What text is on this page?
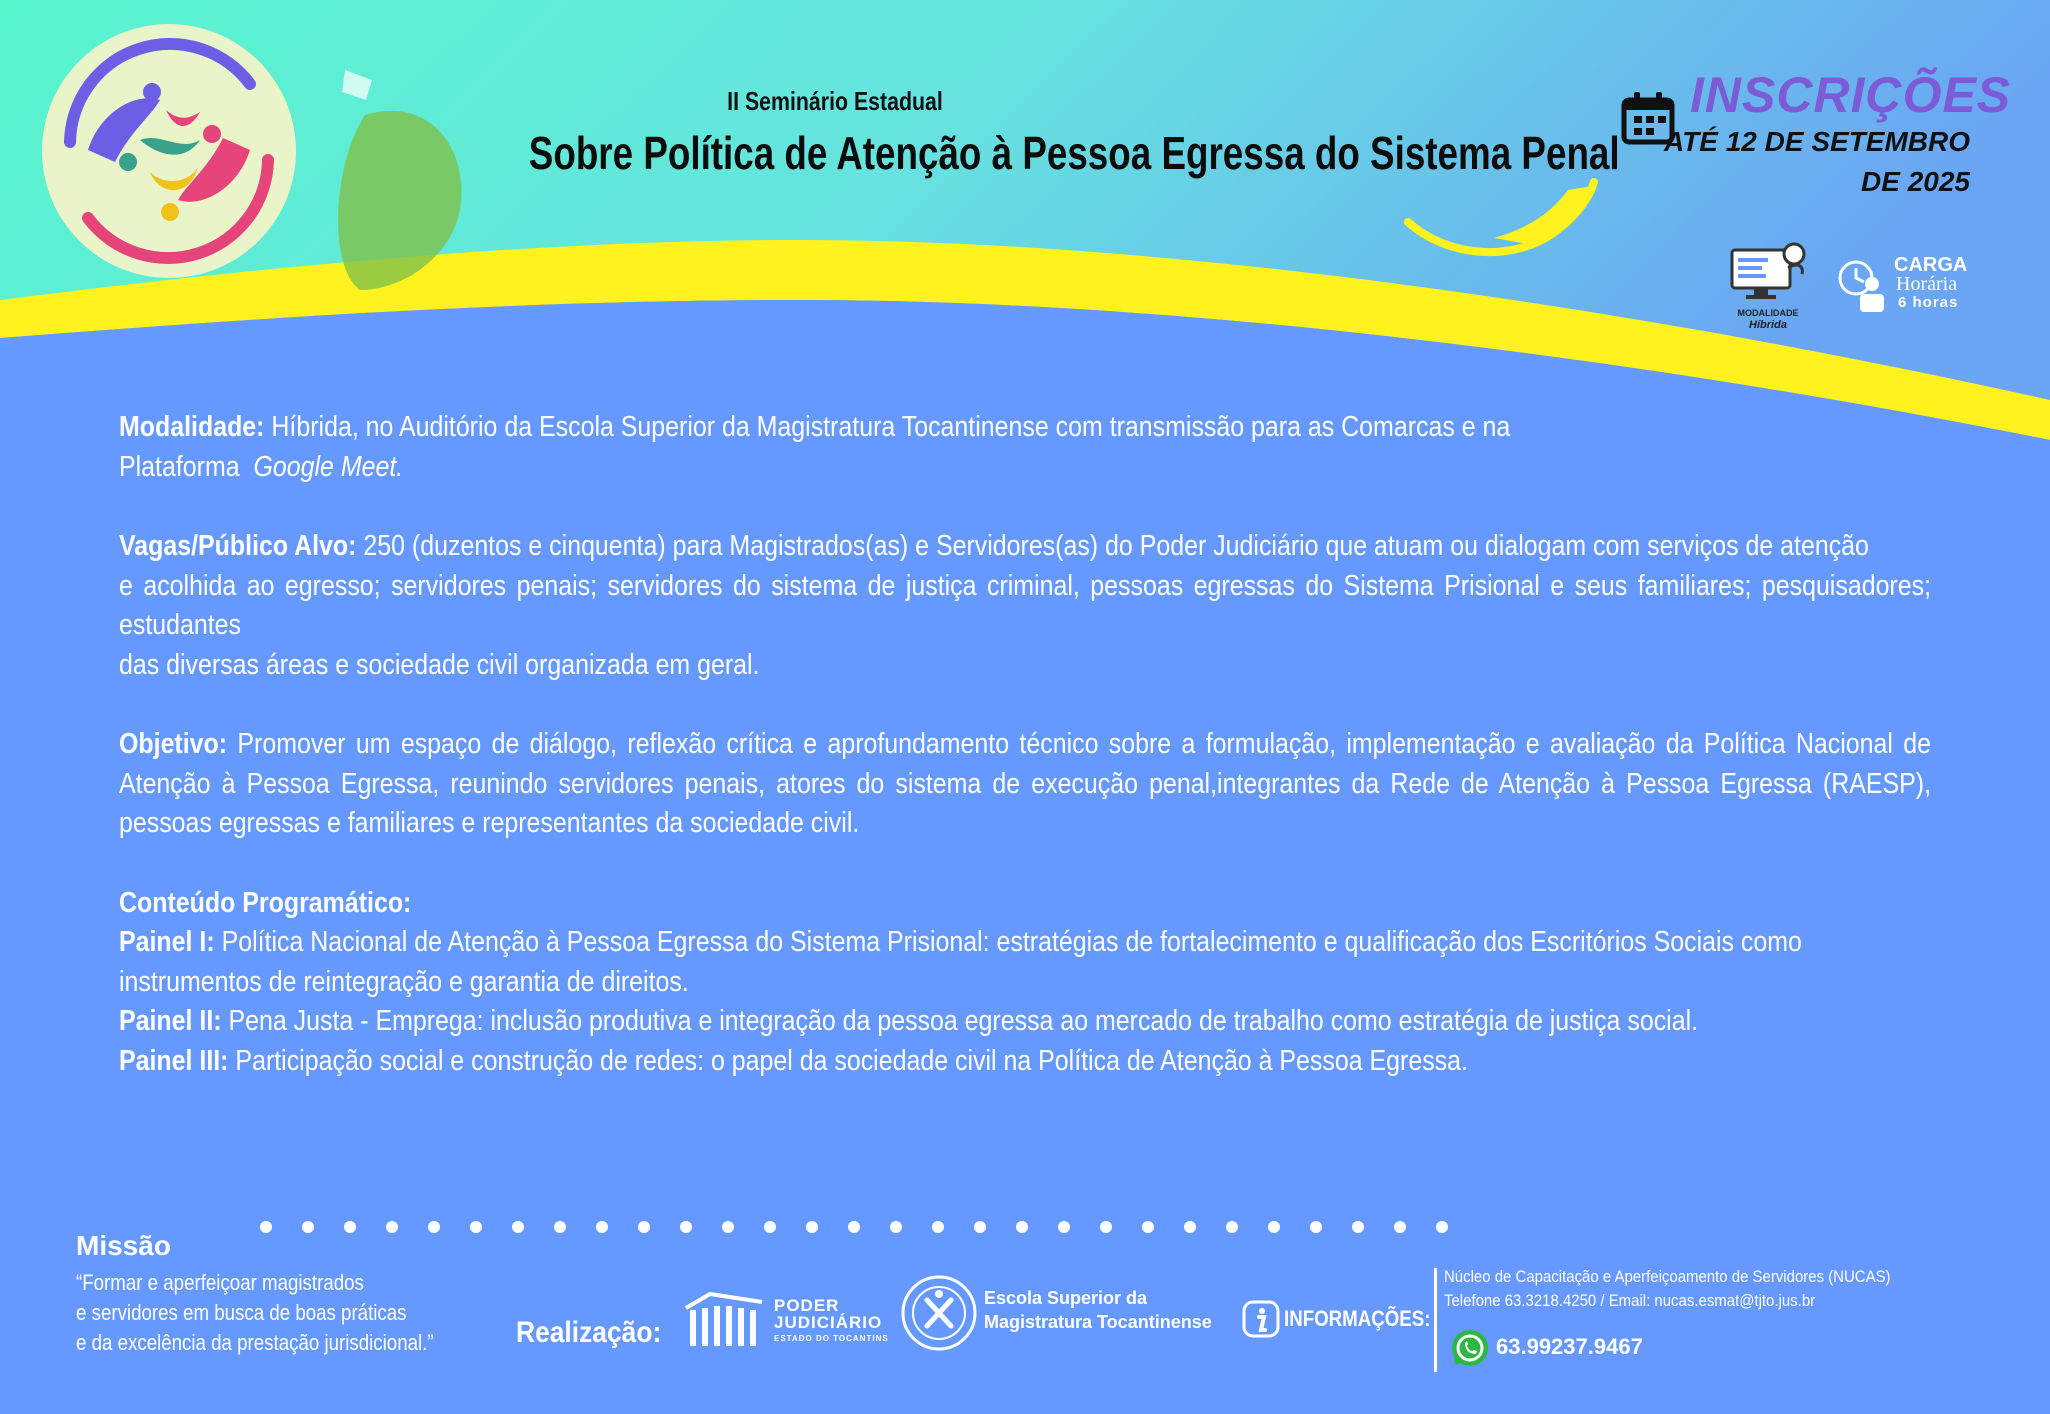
II Seminário Estadual
Sobre Política de Atenção à Pessoa Egressa do Sistema Penal
INSCRIÇÕES
ATÉ 12 DE SETEMBRO
DE 2025
MODALIDADE
Híbrida
CARGA
Horária
6 horas

Modalidade: Híbrida, no Auditório da Escola Superior da Magistratura Tocantinense com transmissão para as Comarcas e na
Plataforma Google Meet.

Vagas/Público Alvo: 250 (duzentos e cinquenta) para Magistrados(as) e Servidores(as) do Poder Judiciário que atuam ou dialogam com serviços de atenção
e acolhida ao egresso; servidores penais; servidores do sistema de justiça criminal, pessoas egressas do Sistema Prisional e seus familiares; pesquisadores; estudantes
das diversas áreas e sociedade civil organizada em geral.

Objetivo: Promover um espaço de diálogo, reflexão crítica e aprofundamento técnico sobre a formulação, implementação e avaliação da Política Nacional de Atenção à Pessoa Egressa, reunindo servidores penais, atores do sistema de execução penal,integrantes da Rede de Atenção à Pessoa Egressa (RAESP), pessoas egressas e familiares e representantes da sociedade civil.

Conteúdo Programático:
Painel I: Política Nacional de Atenção à Pessoa Egressa do Sistema Prisional: estratégias de fortalecimento e qualificação dos Escritórios Sociais como instrumentos de reintegração e garantia de direitos.
Painel II: Pena Justa - Emprega: inclusão produtiva e integração da pessoa egressa ao mercado de trabalho como estratégia de justiça social.
Painel III: Participação social e construção de redes: o papel da sociedade civil na Política de Atenção à Pessoa Egressa.

Missão
“Formar e aperfeiçoar magistrados
e servidores em busca de boas práticas
e da excelência da prestação jurisdicional.”	Realização:
PODER
JUDICIÁRIO
ESTADO DO TOCANTINS
Escola Superior da
Magistratura Tocantinense	INFORMAÇÕES:
Núcleo de Capacitação e Aperfeiçoamento de Servidores (NUCAS)
Telefone 63.3218.4250 / Email: nucas.esmat@tjto.jus.br
63.99237.9467
